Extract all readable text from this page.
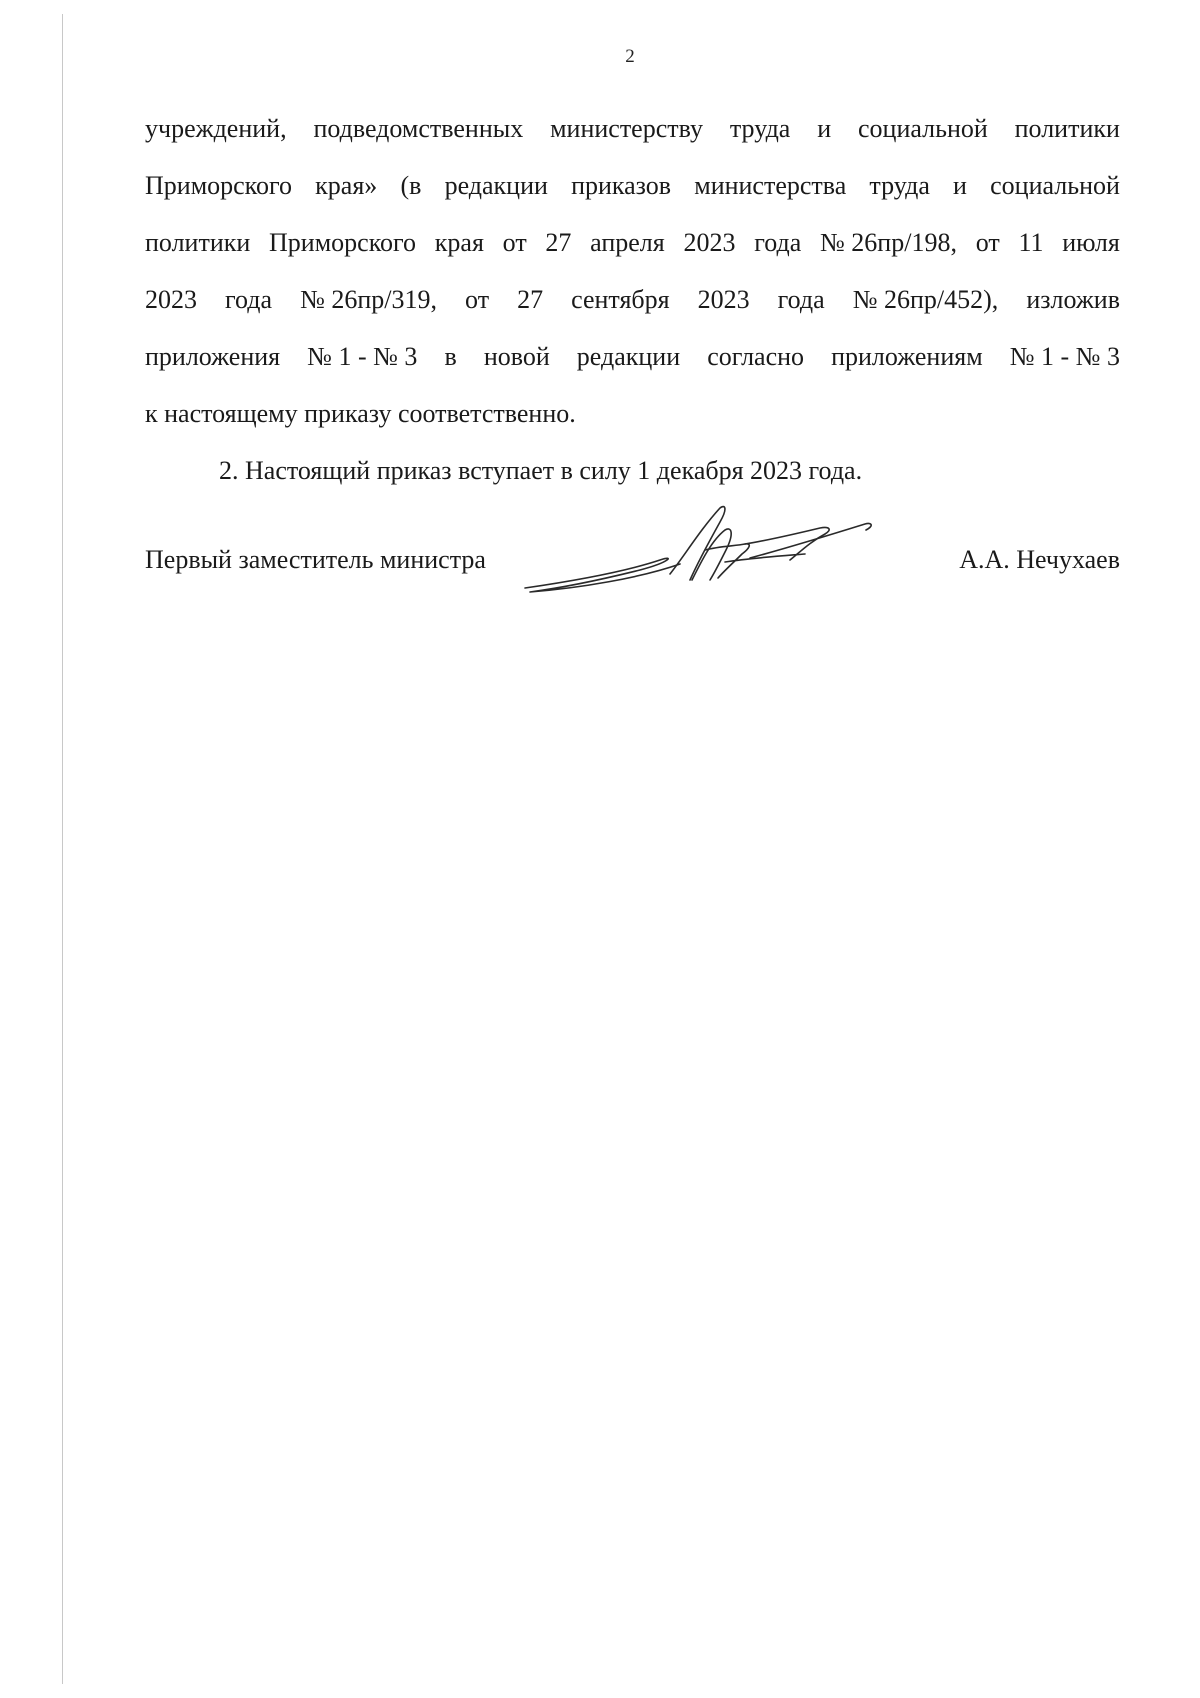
2
учреждений, подведомственных министерству труда и социальной политики
Приморского края» (в редакции приказов министерства труда и социальной
политики Приморского края от 27 апреля 2023 года № 26пр/198, от 11 июля
2023 года № 26пр/319, от 27 сентября 2023 года № 26пр/452), изложив
приложения № 1 - № 3 в новой редакции согласно приложениям № 1 - № 3
к настоящему приказу соответственно.
2. Настоящий приказ вступает в силу 1 декабря 2023 года.
Первый заместитель министра	А.А. Нечухаев
